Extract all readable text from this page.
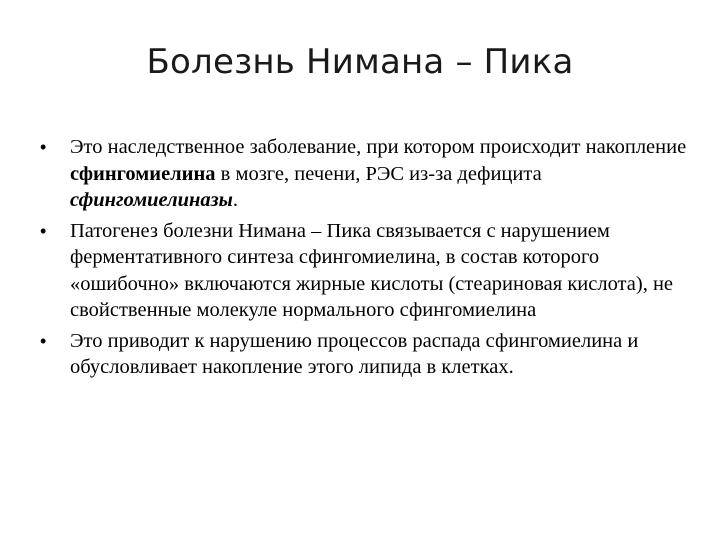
Болезнь Нимана – Пика
•	Это наследственное заболевание, при котором происходит накопление сфингомиелина в мозге, печени, РЭС из-за дефицита сфингомиелиназы.
•	Патогенез болезни Нимана – Пика связывается с нарушением ферментативного синтеза сфингомиелина, в состав которого «ошибочно» включаются жирные кислоты (стеариновая кислота), не свойственные молекуле нормального сфингомиелина
•	Это приводит к нарушению процессов распада сфингомиелина и обусловливает накопление этого липида в клетках.
